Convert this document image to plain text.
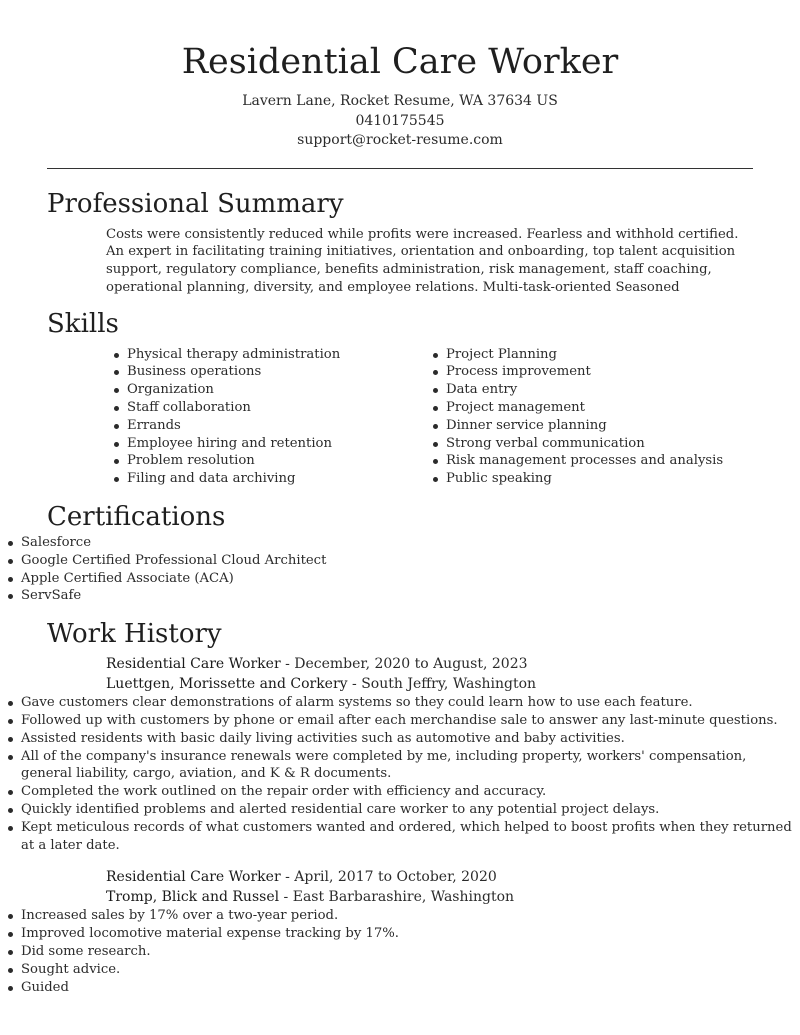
Residential Care Worker
Lavern Lane, Rocket Resume, WA 37634 US
0410175545
support@rocket-resume.com
Professional Summary

Costs were consistently reduced while profits were increased. Fearless and withhold certified. An expert in facilitating training initiatives, orientation and onboarding, top talent acquisition support, regulatory compliance, benefits administration, risk management, staff coaching, operational planning, diversity, and employee relations. Multi-task-oriented Seasoned

Skills
Physical therapy administration
Business operations
Organization
Staff collaboration
Errands
Employee hiring and retention
Problem resolution
Filing and data archiving
Project Planning
Process improvement
Data entry
Project management
Dinner service planning
Strong verbal communication
Risk management processes and analysis
Public speaking
Certifications
Salesforce
Google Certified Professional Cloud Architect
Apple Certified Associate (ACA)
ServSafe
Work History
Residential Care Worker - December, 2020 to August, 2023
Luettgen, Morissette and Corkery - South Jeffry, Washington
Gave customers clear demonstrations of alarm systems so they could learn how to use each feature.
Followed up with customers by phone or email after each merchandise sale to answer any last-minute questions.
Assisted residents with basic daily living activities such as automotive and baby activities.
All of the company's insurance renewals were completed by me, including property, workers' compensation, general liability, cargo, aviation, and K & R documents.
Completed the work outlined on the repair order with efficiency and accuracy.
Quickly identified problems and alerted residential care worker to any potential project delays.
Kept meticulous records of what customers wanted and ordered, which helped to boost profits when they returned at a later date.
Residential Care Worker - April, 2017 to October, 2020
Tromp, Blick and Russel - East Barbarashire, Washington
Increased sales by 17% over a two-year period.
Improved locomotive material expense tracking by 17%.
Did some research.
Sought advice.
Guided
